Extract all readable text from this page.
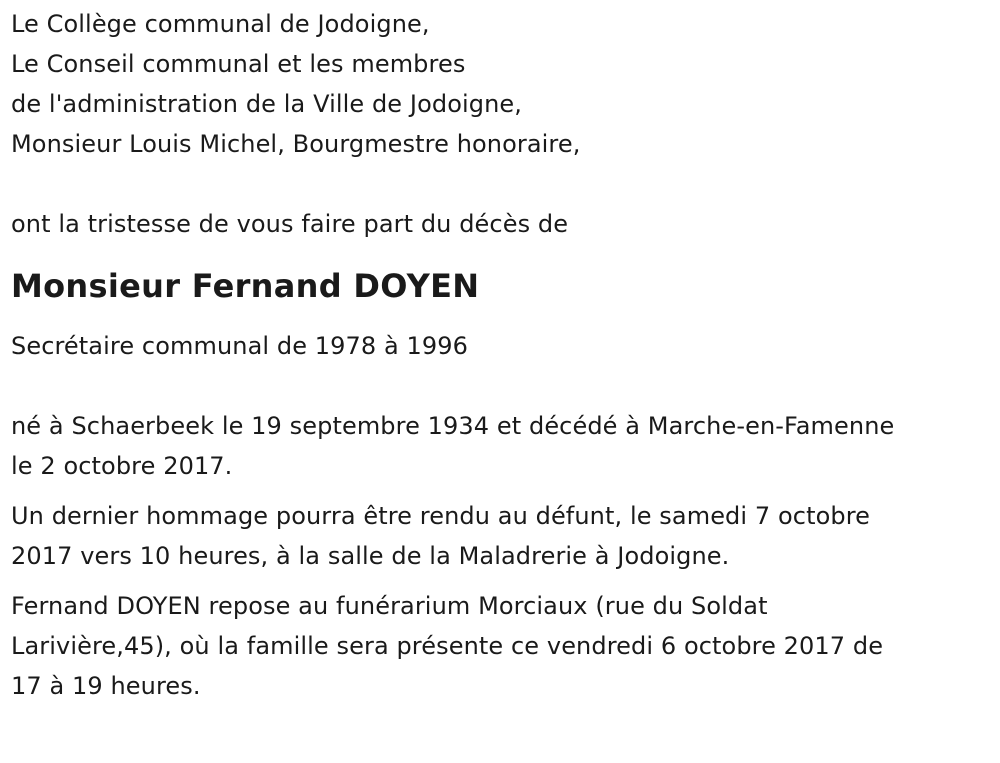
Le Collège communal de Jodoigne,

Le Conseil communal et les membres

de l'administration de la Ville de Jodoigne,

Monsieur Louis Michel, Bourgmestre honoraire,

ont la tristesse de vous faire part du décès de

Monsieur Fernand DOYEN

Secrétaire communal de 1978 à 1996

né à Schaerbeek le 19 septembre 1934 et décédé à Marche-en-Famenne

le 2 octobre 2017.

Un dernier hommage pourra être rendu au défunt, le samedi 7 octobre

2017 vers 10 heures, à la salle de la Maladrerie à Jodoigne.

Fernand DOYEN repose au funérarium Morciaux (rue du Soldat

Larivière,45), où la famille sera présente ce vendredi 6 octobre 2017 de

17 à 19 heures.
